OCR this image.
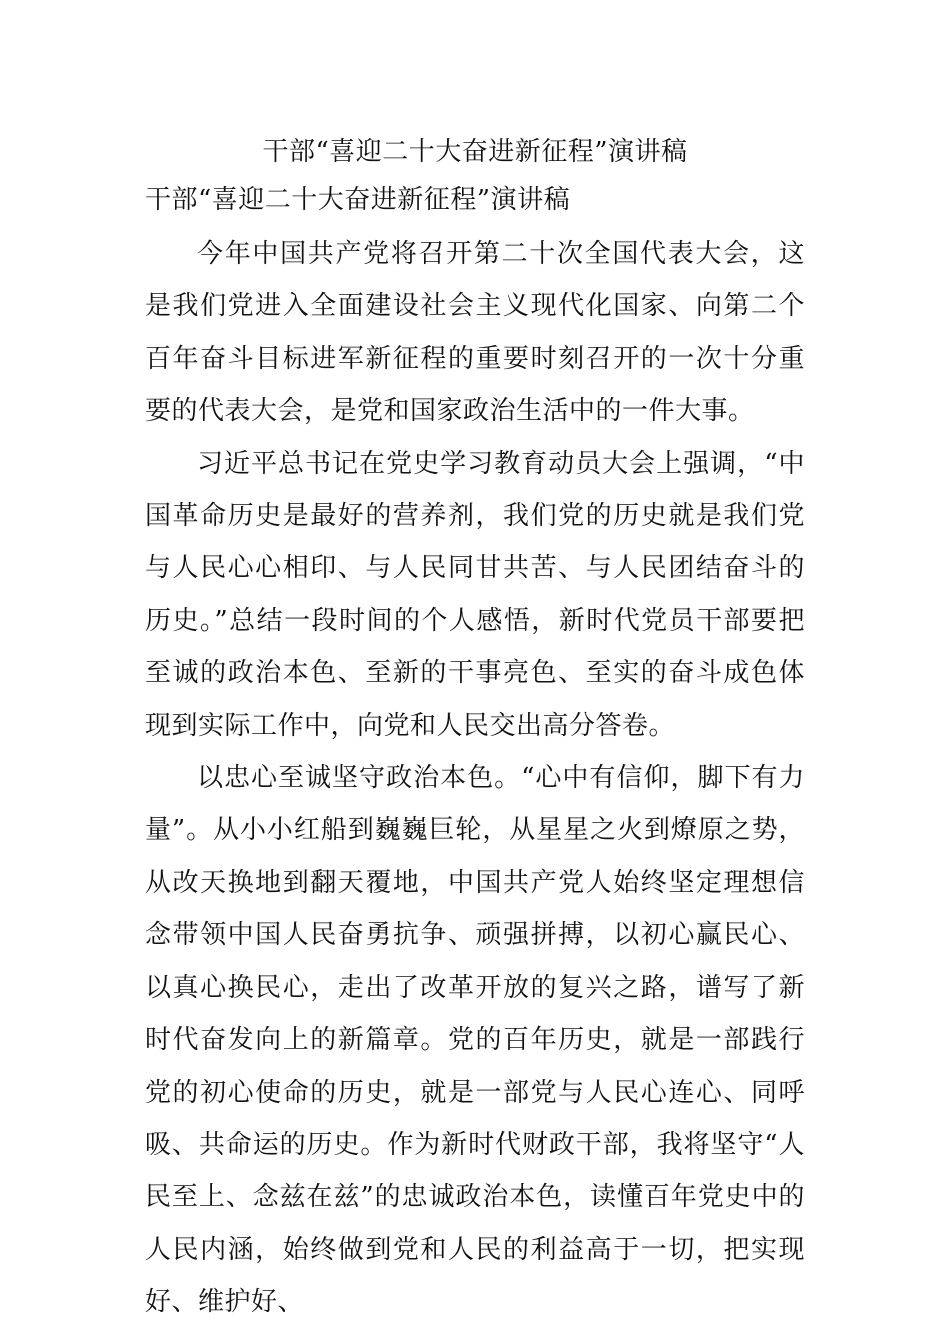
干部“喜迎二十大奋进新征程”演讲稿
干部“喜迎二十大奋进新征程”演讲稿

今年中国共产党将召开第二十次全国代表大会，这是我们党进入全面建设社会主义现代化国家、向第二个百年奋斗目标进军新征程的重要时刻召开的一次十分重要的代表大会，是党和国家政治生活中的一件大事。

习近平总书记在党史学习教育动员大会上强调，“中国革命历史是最好的营养剂，我们党的历史就是我们党与人民心心相印、与人民同甘共苦、与人民团结奋斗的历史。”总结一段时间的个人感悟，新时代党员干部要把至诚的政治本色、至新的干事亮色、至实的奋斗成色体现到实际工作中，向党和人民交出高分答卷。

以忠心至诚坚守政治本色。“心中有信仰，脚下有力量”。从小小红船到巍巍巨轮，从星星之火到燎原之势，从改天换地到翻天覆地，中国共产党人始终坚定理想信念带领中国人民奋勇抗争、顽强拼搏，以初心赢民心、以真心换民心，走出了改革开放的复兴之路，谱写了新时代奋发向上的新篇章。党的百年历史，就是一部践行党的初心使命的历史，就是一部党与人民心连心、同呼吸、共命运的历史。作为新时代财政干部，我将坚守“人民至上、念兹在兹”的忠诚政治本色，读懂百年党史中的人民内涵，始终做到党和人民的利益高于一切，把实现好、维护好、
